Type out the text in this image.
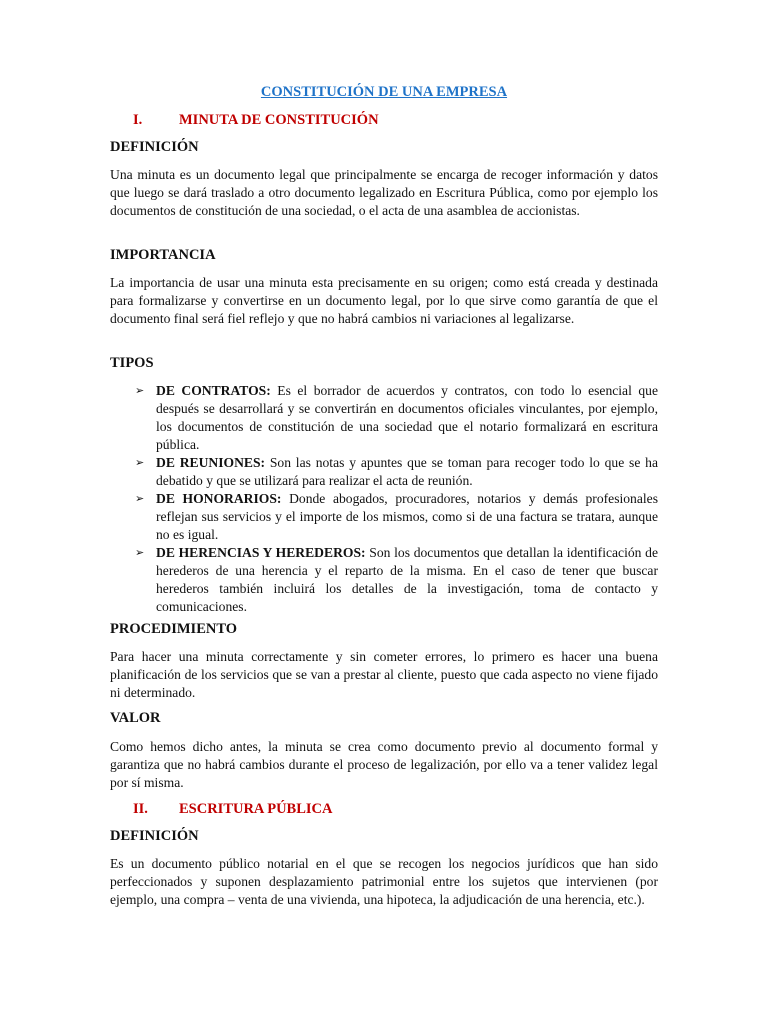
CONSTITUCIÓN DE UNA EMPRESA
I.	MINUTA DE CONSTITUCIÓN
DEFINICIÓN
Una minuta es un documento legal que principalmente se encarga de recoger información y datos que luego se dará traslado a otro documento legalizado en Escritura Pública, como por ejemplo los documentos de constitución de una sociedad, o el acta de una asamblea de accionistas.
IMPORTANCIA
La importancia de usar una minuta esta precisamente en su origen; como está creada y destinada para formalizarse y convertirse en un documento legal, por lo que sirve como garantía de que el documento final será fiel reflejo y que no habrá cambios ni variaciones al legalizarse.
TIPOS
➢ DE CONTRATOS: Es el borrador de acuerdos y contratos, con todo lo esencial que después se desarrollará y se convertirán en documentos oficiales vinculantes, por ejemplo, los documentos de constitución de una sociedad que el notario formalizará en escritura pública.
➢ DE REUNIONES: Son las notas y apuntes que se toman para recoger todo lo que se ha debatido y que se utilizará para realizar el acta de reunión.
➢ DE HONORARIOS: Donde abogados, procuradores, notarios y demás profesionales reflejan sus servicios y el importe de los mismos, como si de una factura se tratara, aunque no es igual.
➢ DE HERENCIAS Y HEREDEROS: Son los documentos que detallan la identificación de herederos de una herencia y el reparto de la misma. En el caso de tener que buscar herederos también incluirá los detalles de la investigación, toma de contacto y comunicaciones.
PROCEDIMIENTO
Para hacer una minuta correctamente y sin cometer errores, lo primero es hacer una buena planificación de los servicios que se van a prestar al cliente, puesto que cada aspecto no viene fijado ni determinado.
VALOR
Como hemos dicho antes, la minuta se crea como documento previo al documento formal y garantiza que no habrá cambios durante el proceso de legalización, por ello va a tener validez legal por sí misma.
II. ESCRITURA PÚBLICA
DEFINICIÓN
Es un documento público notarial en el que se recogen los negocios jurídicos que han sido perfeccionados y suponen desplazamiento patrimonial entre los sujetos que intervienen (por ejemplo, una compra – venta de una vivienda, una hipoteca, la adjudicación de una herencia, etc.).
